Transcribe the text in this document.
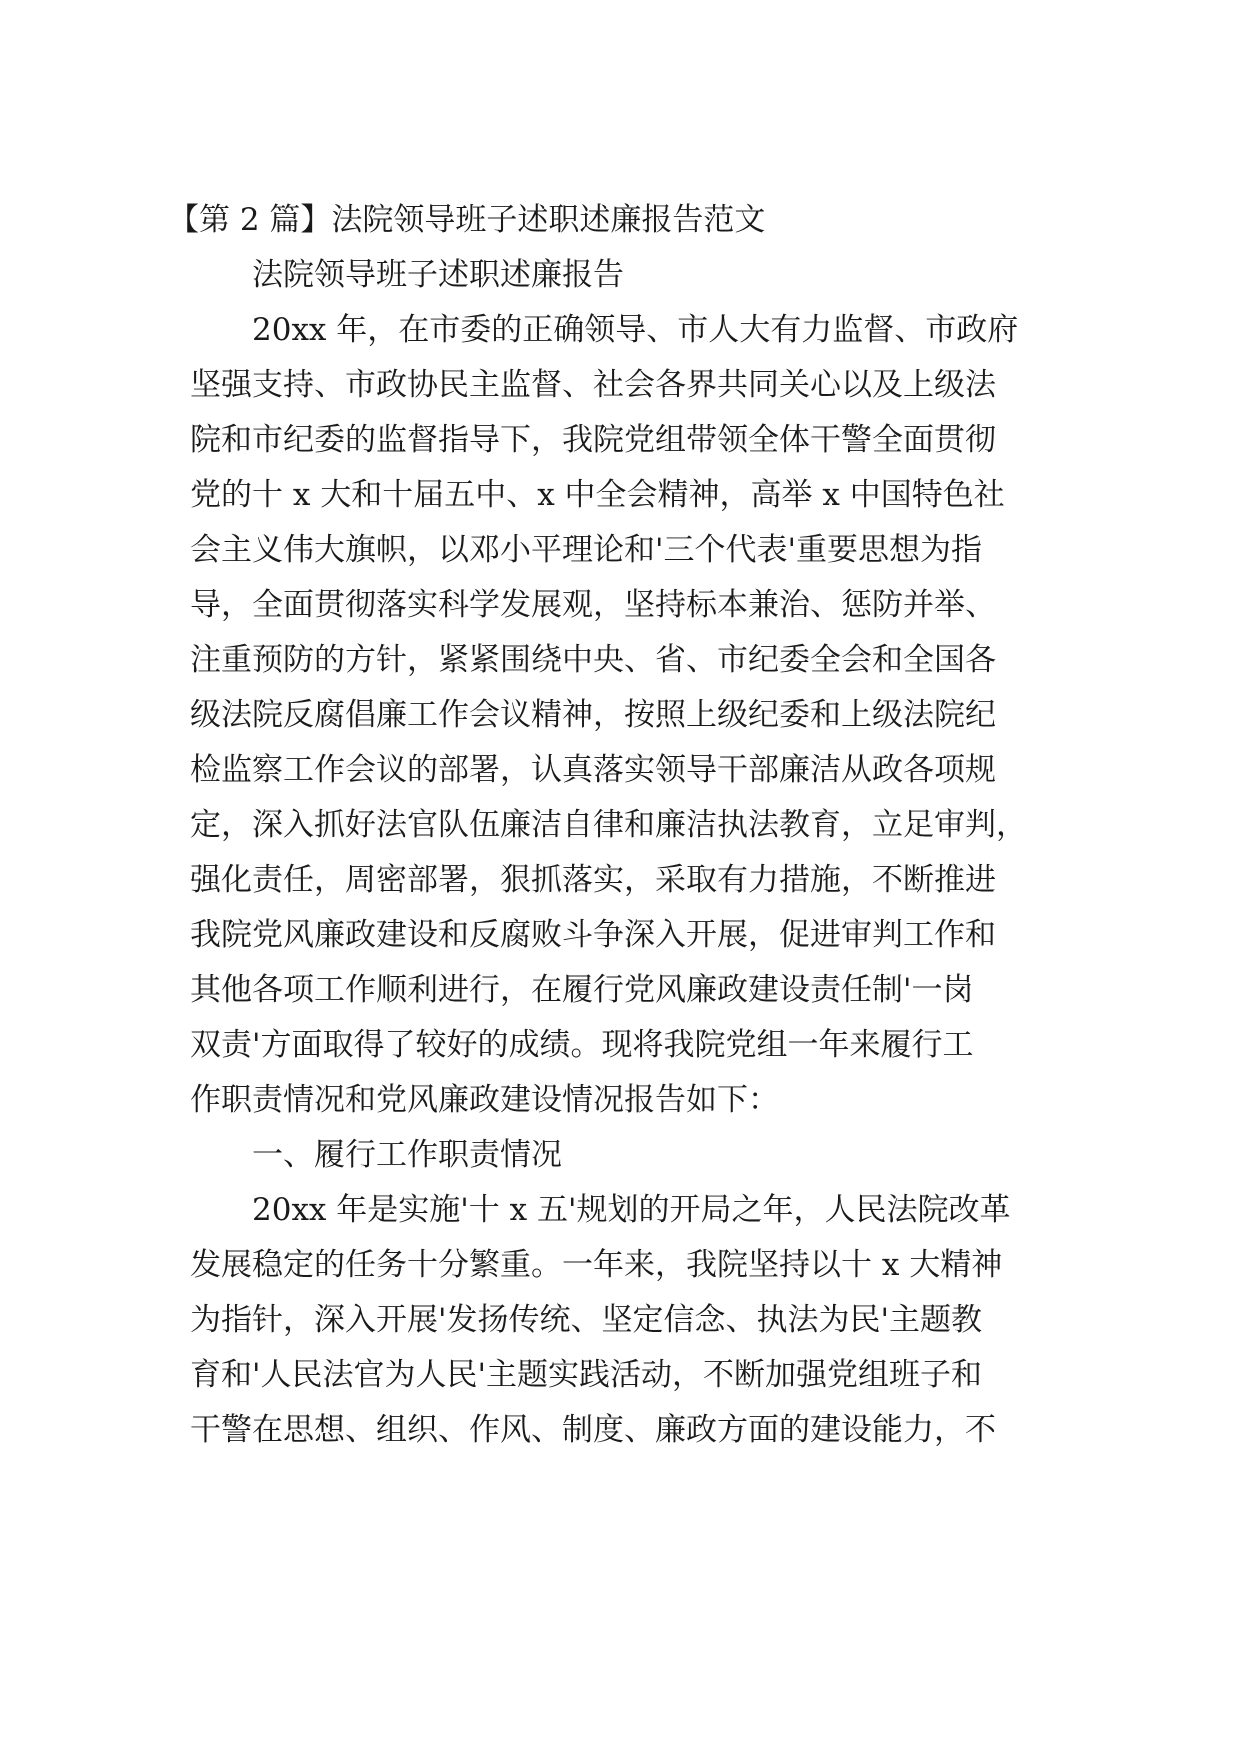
【第 2 篇】法院领导班子述职述廉报告范文

法院领导班子述职述廉报告

20xx 年，在市委的正确领导、市人大有力监督、市政府

坚强支持、市政协民主监督、社会各界共同关心以及上级法

院和市纪委的监督指导下，我院党组带领全体干警全面贯彻

党的十 x 大和十届五中、x 中全会精神，高举 x 中国特色社

会主义伟大旗帜，以邓小平理论和'三个代表'重要思想为指

导，全面贯彻落实科学发展观，坚持标本兼治、惩防并举、

注重预防的方针，紧紧围绕中央、省、市纪委全会和全国各

级法院反腐倡廉工作会议精神，按照上级纪委和上级法院纪

检监察工作会议的部署，认真落实领导干部廉洁从政各项规

定，深入抓好法官队伍廉洁自律和廉洁执法教育，立足审判，

强化责任，周密部署，狠抓落实，采取有力措施，不断推进

我院党风廉政建设和反腐败斗争深入开展，促进审判工作和

其他各项工作顺利进行，在履行党风廉政建设责任制'一岗

双责'方面取得了较好的成绩。现将我院党组一年来履行工

作职责情况和党风廉政建设情况报告如下：

一、履行工作职责情况

20xx 年是实施'十 x 五'规划的开局之年，人民法院改革

发展稳定的任务十分繁重。一年来，我院坚持以十 x 大精神

为指针，深入开展'发扬传统、坚定信念、执法为民'主题教

育和'人民法官为人民'主题实践活动，不断加强党组班子和

干警在思想、组织、作风、制度、廉政方面的建设能力，不
